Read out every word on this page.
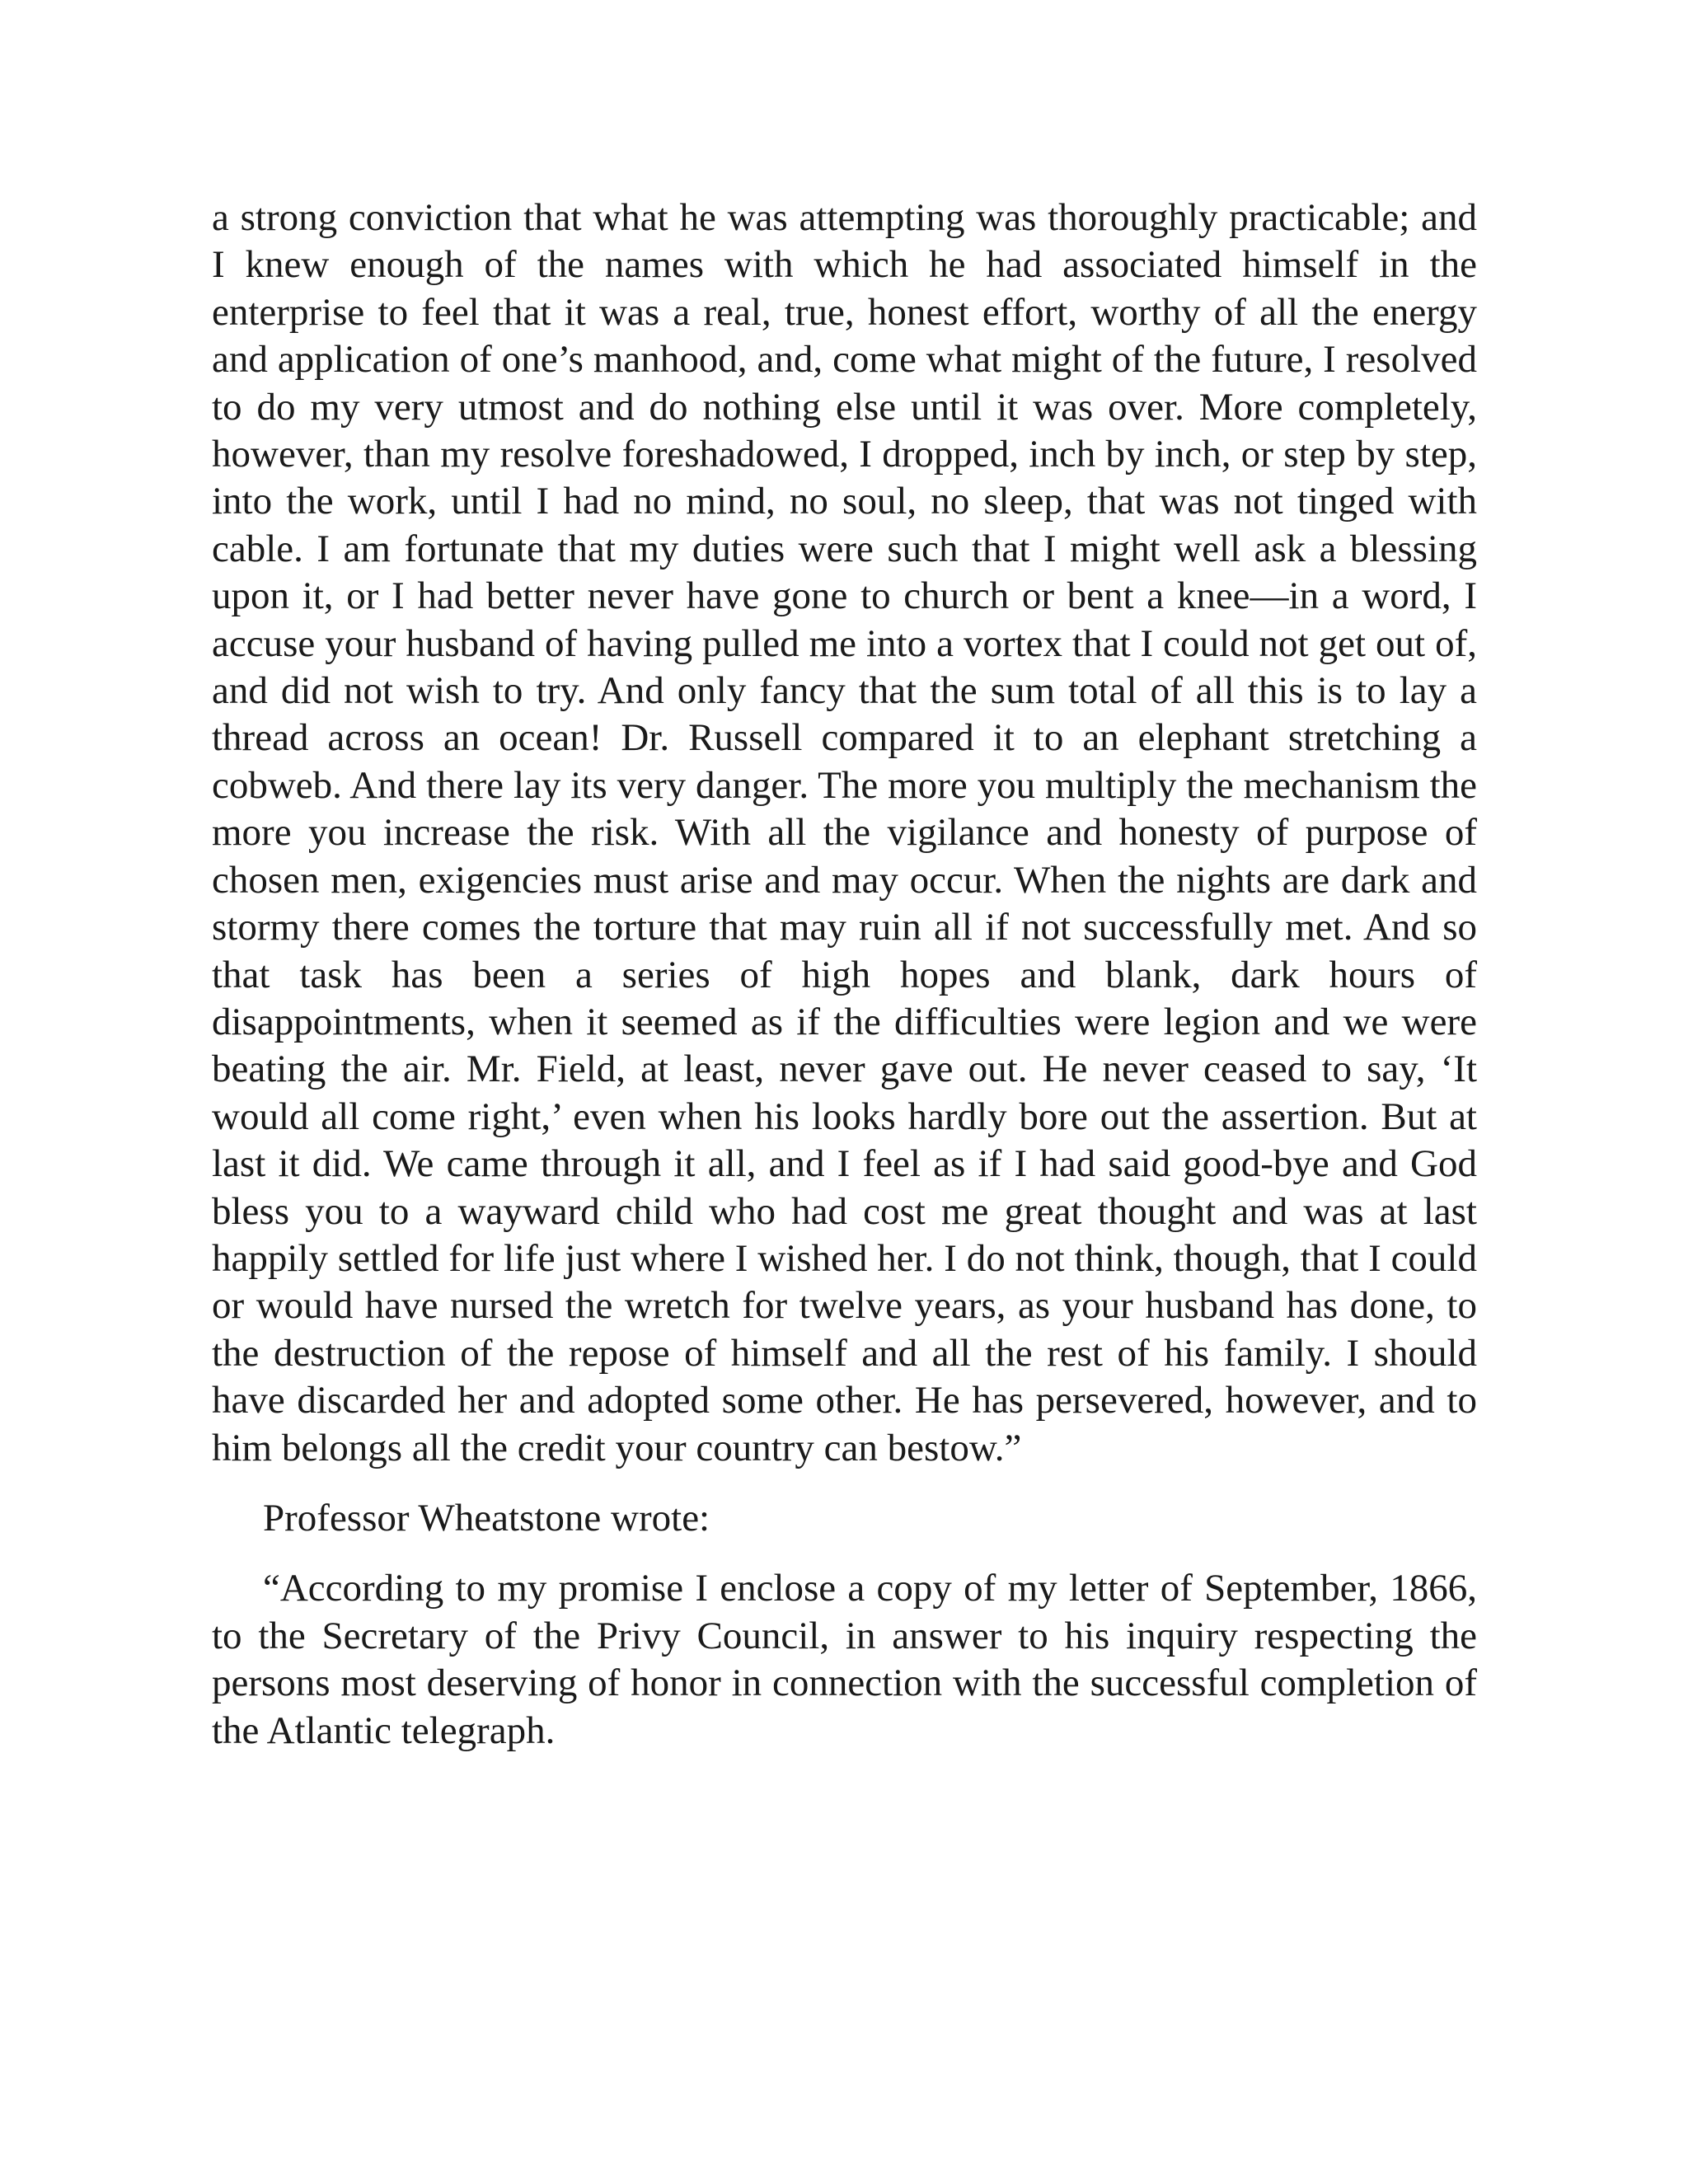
a strong conviction that what he was attempting was thoroughly practicable; and I knew enough of the names with which he had associated himself in the enterprise to feel that it was a real, true, honest effort, worthy of all the energy and application of one’s manhood, and, come what might of the future, I resolved to do my very utmost and do nothing else until it was over. More completely, however, than my resolve foreshadowed, I dropped, inch by inch, or step by step, into the work, until I had no mind, no soul, no sleep, that was not tinged with cable. I am fortunate that my duties were such that I might well ask a blessing upon it, or I had better never have gone to church or bent a knee—in a word, I accuse your husband of having pulled me into a vortex that I could not get out of, and did not wish to try. And only fancy that the sum total of all this is to lay a thread across an ocean! Dr. Russell compared it to an elephant stretching a cobweb. And there lay its very danger. The more you multiply the mechanism the more you increase the risk. With all the vigilance and honesty of purpose of chosen men, exigencies must arise and may occur. When the nights are dark and stormy there comes the torture that may ruin all if not successfully met. And so that task has been a series of high hopes and blank, dark hours of disappointments, when it seemed as if the difficulties were legion and we were beating the air. Mr. Field, at least, never gave out. He never ceased to say, ‘It would all come right,’ even when his looks hardly bore out the assertion. But at last it did. We came through it all, and I feel as if I had said good-bye and God bless you to a wayward child who had cost me great thought and was at last happily settled for life just where I wished her. I do not think, though, that I could or would have nursed the wretch for twelve years, as your husband has done, to the destruction of the repose of himself and all the rest of his family. I should have discarded her and adopted some other. He has persevered, however, and to him belongs all the credit your country can bestow.”

Professor Wheatstone wrote:

“According to my promise I enclose a copy of my letter of September, 1866, to the Secretary of the Privy Council, in answer to his inquiry respecting the persons most deserving of honor in connection with the successful completion of the Atlantic telegraph.
